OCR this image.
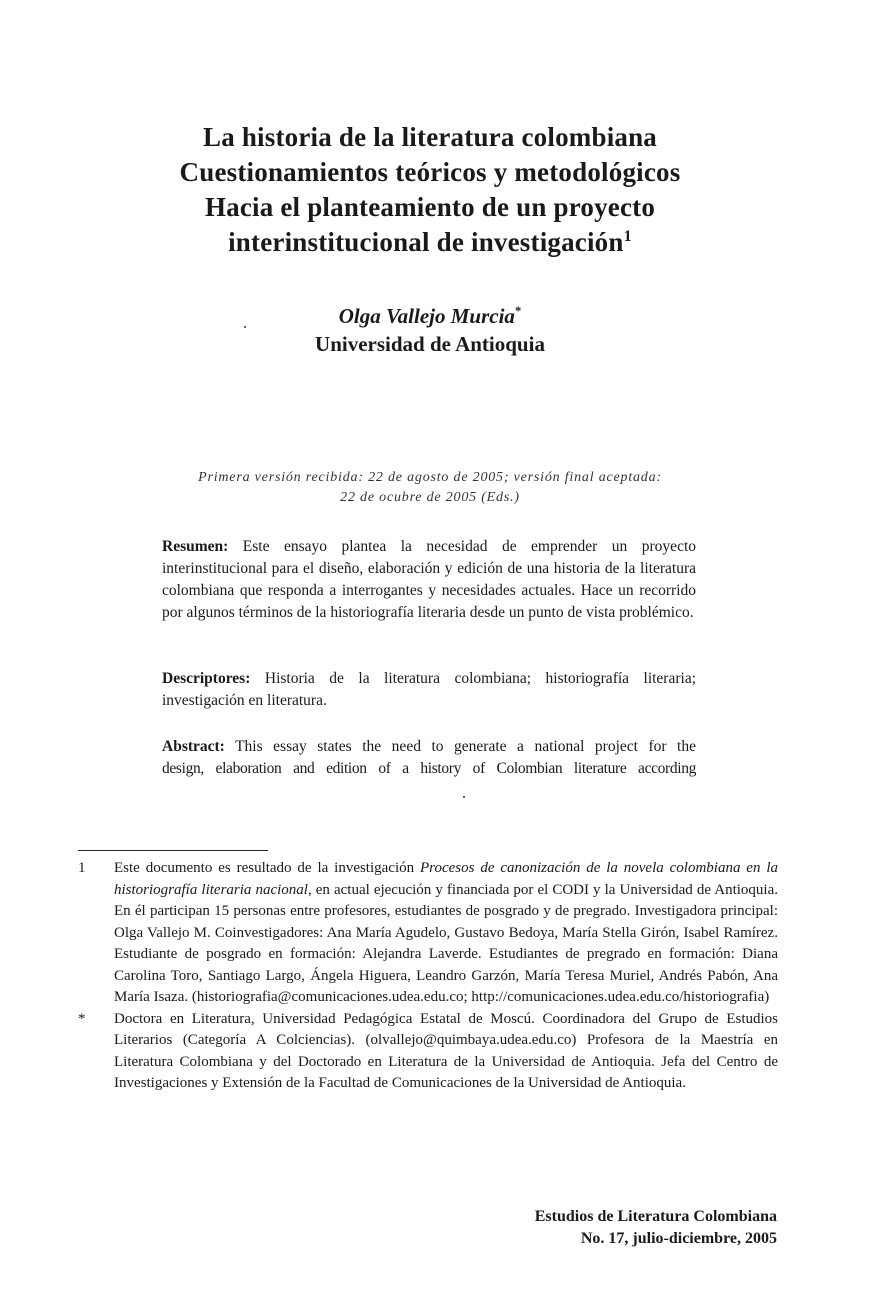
La historia de la literatura colombiana
Cuestionamientos teóricos y metodológicos
Hacia el planteamiento de un proyecto
interinstitucional de investigación$^1$
Olga Vallejo Murcia*
Universidad de Antioquia
Primera versión recibida: 22 de agosto de 2005; versión final aceptada:
22 de ocubre de 2005 (Eds.)
Resumen: Este ensayo plantea la necesidad de emprender un proyecto interinstitucional para el diseño, elaboración y edición de una historia de la literatura colombiana que responda a interrogantes y necesidades actuales. Hace un recorrido por algunos términos de la historiografía literaria desde un punto de vista problémico.
Descriptores: Historia de la literatura colombiana; historiografía literaria; investigación en literatura.
Abstract: This essay states the need to generate a national project for the
design, elaboration and edition of a history of Colombian literature according
1 Este documento es resultado de la investigación Procesos de canonización de la novela colombiana en la historiografía literaria nacional, en actual ejecución y financiada por el CODI y la Universidad de Antioquia. En él participan 15 personas entre profesores, estudiantes de posgrado y de pregrado. Investigadora principal: Olga Vallejo M. Coinvestigadores: Ana María Agudelo, Gustavo Bedoya, María Stella Girón, Isabel Ramírez. Estudiante de posgrado en formación: Alejandra Laverde. Estudiantes de pregrado en formación: Diana Carolina Toro, Santiago Largo, Ángela Higuera, Leandro Garzón, María Teresa Muriel, Andrés Pabón, Ana María Isaza. (historiografia@comunicaciones.udea.edu.co; http://comunicaciones.udea.edu.co/historiografia)
* Doctora en Literatura, Universidad Pedagógica Estatal de Moscú. Coordinadora del Grupo de Estudios Literarios (Categoría A Colciencias). (olvallejo@quimbaya.udea.edu.co) Profesora de la Maestría en Literatura Colombiana y del Doctorado en Literatura de la Universidad de Antioquia. Jefa del Centro de Investigaciones y Extensión de la Facultad de Comunicaciones de la Universidad de Antioquia.
Estudios de Literatura Colombiana
No. 17, julio-diciembre, 2005
